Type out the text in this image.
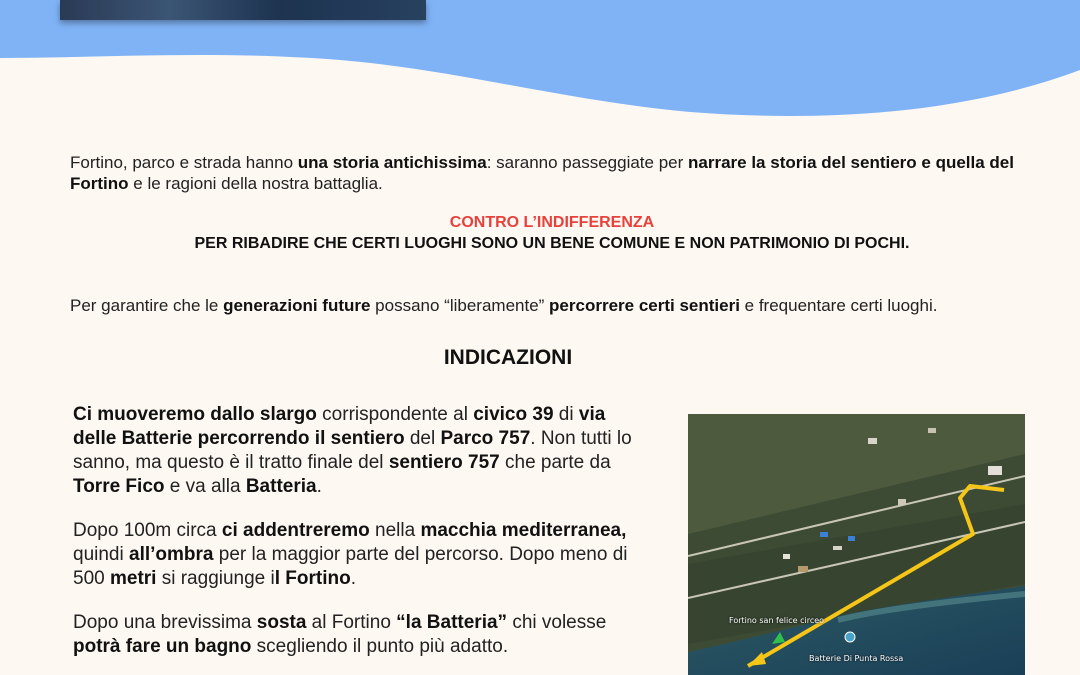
Fortino, parco e strada hanno una storia antichissima: saranno passeggiate per narrare la storia del sentiero e quella del Fortino e le ragioni della nostra battaglia.

CONTRO L’INDIFFERENZA
PER RIBADIRE CHE CERTI LUOGHI SONO UN BENE COMUNE E NON PATRIMONIO DI POCHI.

Per garantire che le generazioni future possano “liberamente” percorrere certi sentieri e frequentare certi luoghi.

INDICAZIONI

Ci muoveremo dallo slargo corrispondente al civico 39 di via delle Batterie percorrendo il sentiero del Parco 757. Non tutti lo sanno, ma questo è il tratto finale del sentiero 757 che parte da Torre Fico e va alla Batteria.

Dopo 100m circa ci addentreremo nella macchia mediterranea, quindi all’ombra per la maggior parte del percorso. Dopo meno di 500 metri si raggiunge il Fortino.

Dopo una brevissima sosta al Fortino “la Batteria” chi volesse potrà fare un bagno scegliendo il punto più adatto.

Fortino san felice circeo
Batterie Di Punta Rossa
